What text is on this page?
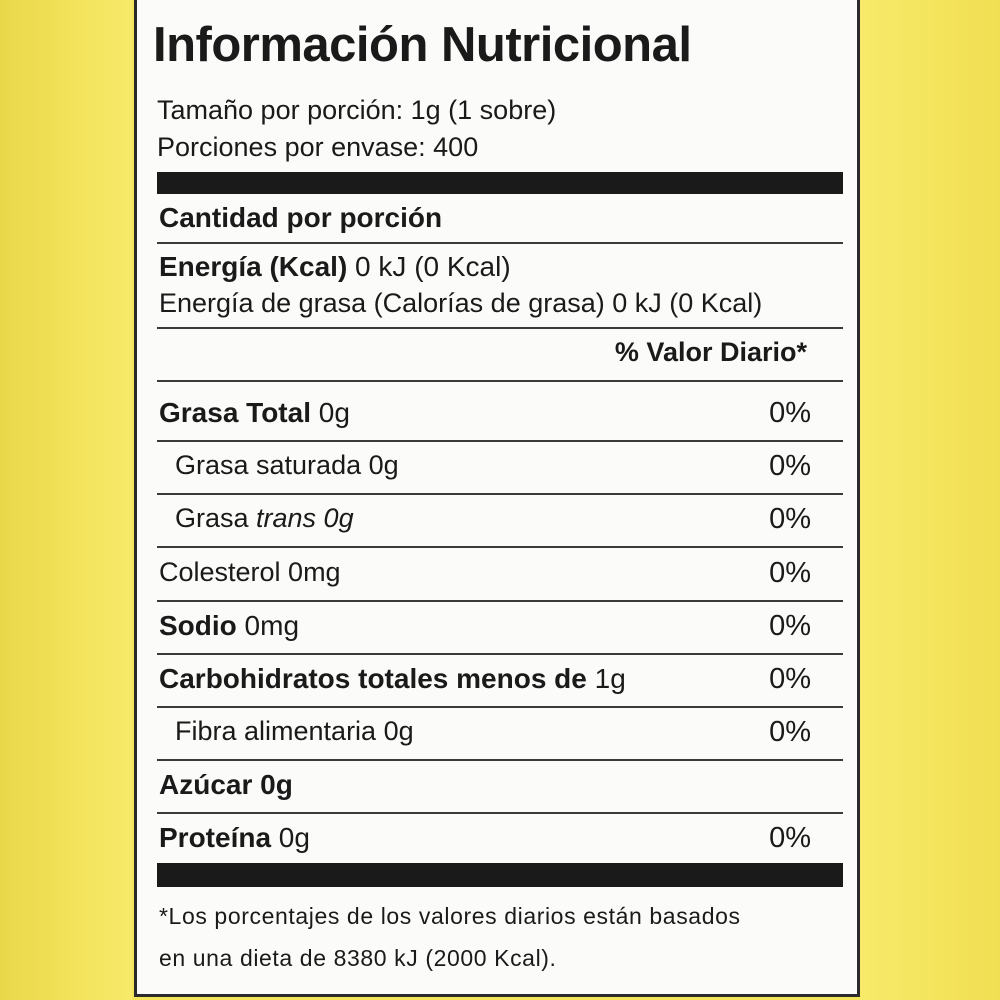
Información Nutricional
Tamaño por porción: 1g (1 sobre)
Porciones por envase: 400
Cantidad por porción
Energía (Kcal) 0 kJ (0 Kcal)
Energía de grasa (Calorías de grasa) 0 kJ (0 Kcal)
% Valor Diario*
Grasa Total 0g	0%
Grasa saturada 0g	0%
Grasa trans 0g	0%
Colesterol 0mg	0%
Sodio 0mg	0%
Carbohidratos totales menos de 1g	0%
Fibra alimentaria 0g	0%
Azúcar 0g
Proteína 0g	0%
*Los porcentajes de los valores diarios están basados
en una dieta de 8380 kJ (2000 Kcal).
